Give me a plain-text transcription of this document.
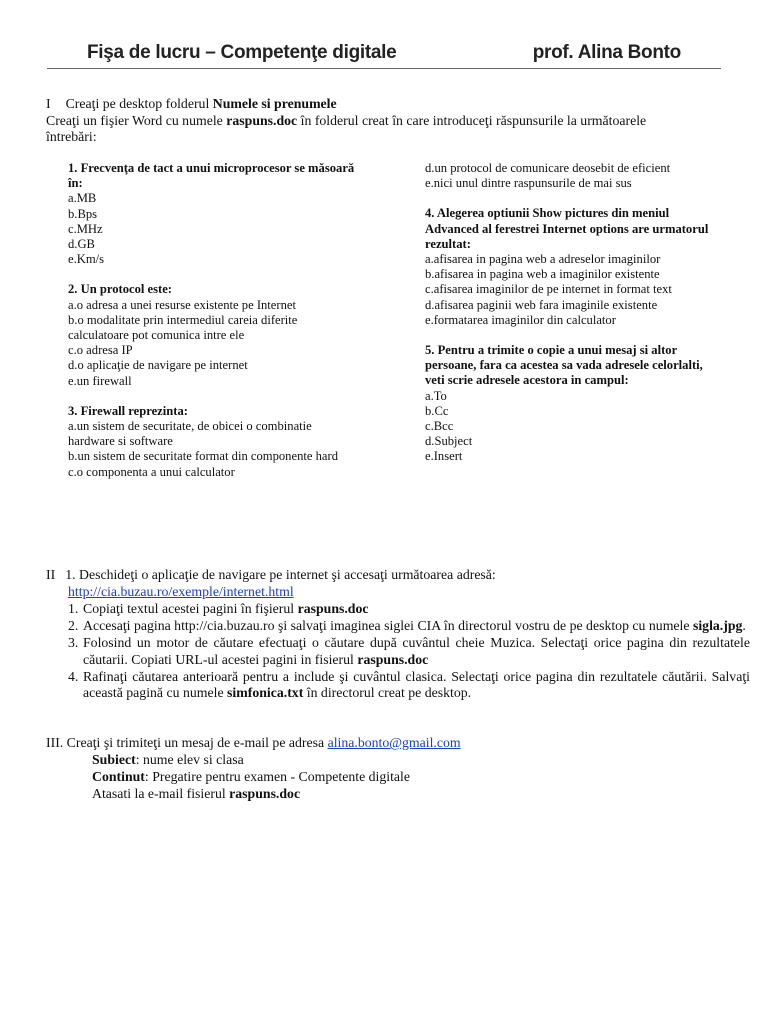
Fişa de lucru – Competenţe digitale	prof. Alina Bonto
I Creaţi pe desktop folderul Numele si prenumele
Creaţi un fişier Word cu numele raspuns.doc în folderul creat în care introduceţi răspunsurile la următoarele
întrebări:
1. Frecvenţa de tact a unui microprocesor se măsoară în:
a.MB
b.Bps
c.MHz
d.GB
e.Km/s
2. Un protocol este:
a.o adresa a unei resurse existente pe Internet
b.o modalitate prin intermediul careia diferite calculatoare pot comunica intre ele
c.o adresa IP
d.o aplicaţie de navigare pe internet
e.un firewall
3. Firewall reprezinta:
a.un sistem de securitate, de obicei o combinatie hardware si software
b.un sistem de securitate format din componente hard
c.o componenta a unui calculator
d.un protocol de comunicare deosebit de eficient
e.nici unul dintre raspunsurile de mai sus
4. Alegerea optiunii Show pictures din meniul Advanced al ferestrei Internet options are urmatorul rezultat:
a.afisarea in pagina web a adreselor imaginilor
b.afisarea in pagina web a imaginilor existente
c.afisarea imaginilor de pe internet in format text
d.afisarea paginii web fara imaginile existente
e.formatarea imaginilor din calculator
5. Pentru a trimite o copie a unui mesaj si altor persoane, fara ca acestea sa vada adresele celorlalti, veti scrie adresele acestora in campul:
a.To
b.Cc
c.Bcc
d.Subject
e.Insert
II 1. Deschideţi o aplicaţie de navigare pe internet şi accesaţi următoarea adresă:
http://cia.buzau.ro/exemple/internet.html
1. Copiaţi textul acestei pagini în fişierul raspuns.doc
2. Accesaţi pagina http://cia.buzau.ro şi salvaţi imaginea siglei CIA în directorul vostru de pe desktop cu numele sigla.jpg.
3. Folosind un motor de căutare efectuaţi o căutare după cuvântul cheie Muzica. Selectaţi orice pagina din rezultatele căutarii. Copiati URL-ul acestei pagini in fisierul raspuns.doc
4. Rafinaţi căutarea anterioară pentru a include şi cuvântul clasica. Selectaţi orice pagina din rezultatele căutării. Salvaţi această pagină cu numele simfonica.txt în directorul creat pe desktop.
III. Creaţi şi trimiteţi un mesaj de e-mail pe adresa alina.bonto@gmail.com
Subiect: nume elev si clasa
Continut: Pregatire pentru examen - Competente digitale
Atasati la e-mail fisierul raspuns.doc
